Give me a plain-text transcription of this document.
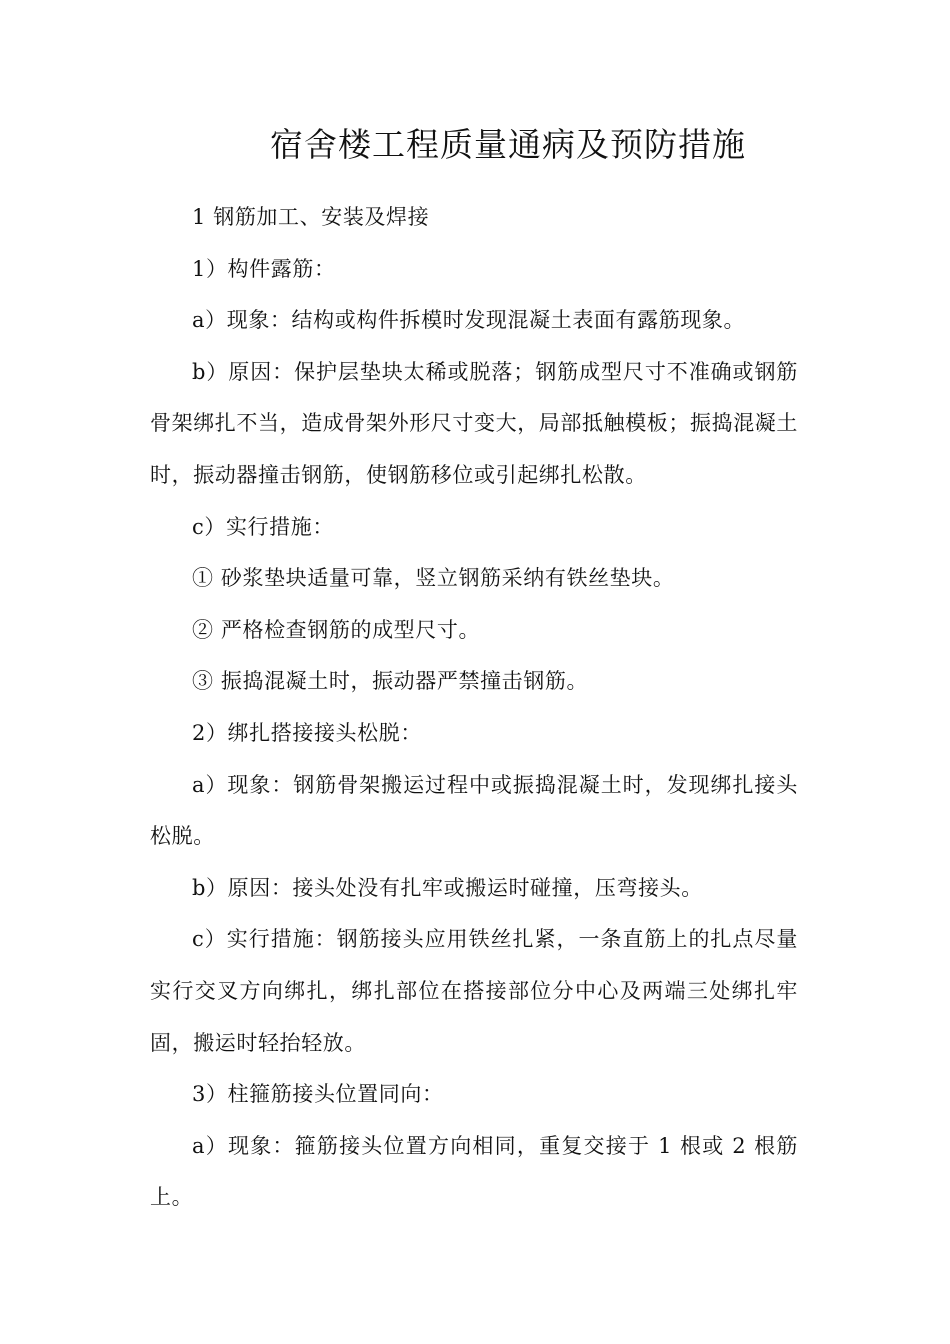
宿舍楼工程质量通病及预防措施

1 钢筋加工、安装及焊接

1）构件露筋：

a）现象：结构或构件拆模时发现混凝土表面有露筋现象。

b）原因：保护层垫块太稀或脱落；钢筋成型尺寸不准确或钢筋骨架绑扎不当，造成骨架外形尺寸变大，局部抵触模板；振捣混凝土时，振动器撞击钢筋，使钢筋移位或引起绑扎松散。

c）实行措施：

① 砂浆垫块适量可靠，竖立钢筋采纳有铁丝垫块。

② 严格检查钢筋的成型尺寸。

③ 振捣混凝土时，振动器严禁撞击钢筋。

2）绑扎搭接接头松脱：

a）现象：钢筋骨架搬运过程中或振捣混凝土时，发现绑扎接头松脱。

b）原因：接头处没有扎牢或搬运时碰撞，压弯接头。

c）实行措施：钢筋接头应用铁丝扎紧，一条直筋上的扎点尽量实行交叉方向绑扎，绑扎部位在搭接部位分中心及两端三处绑扎牢固，搬运时轻抬轻放。

3）柱箍筋接头位置同向：

a）现象：箍筋接头位置方向相同，重复交接于 1 根或 2 根筋上。
